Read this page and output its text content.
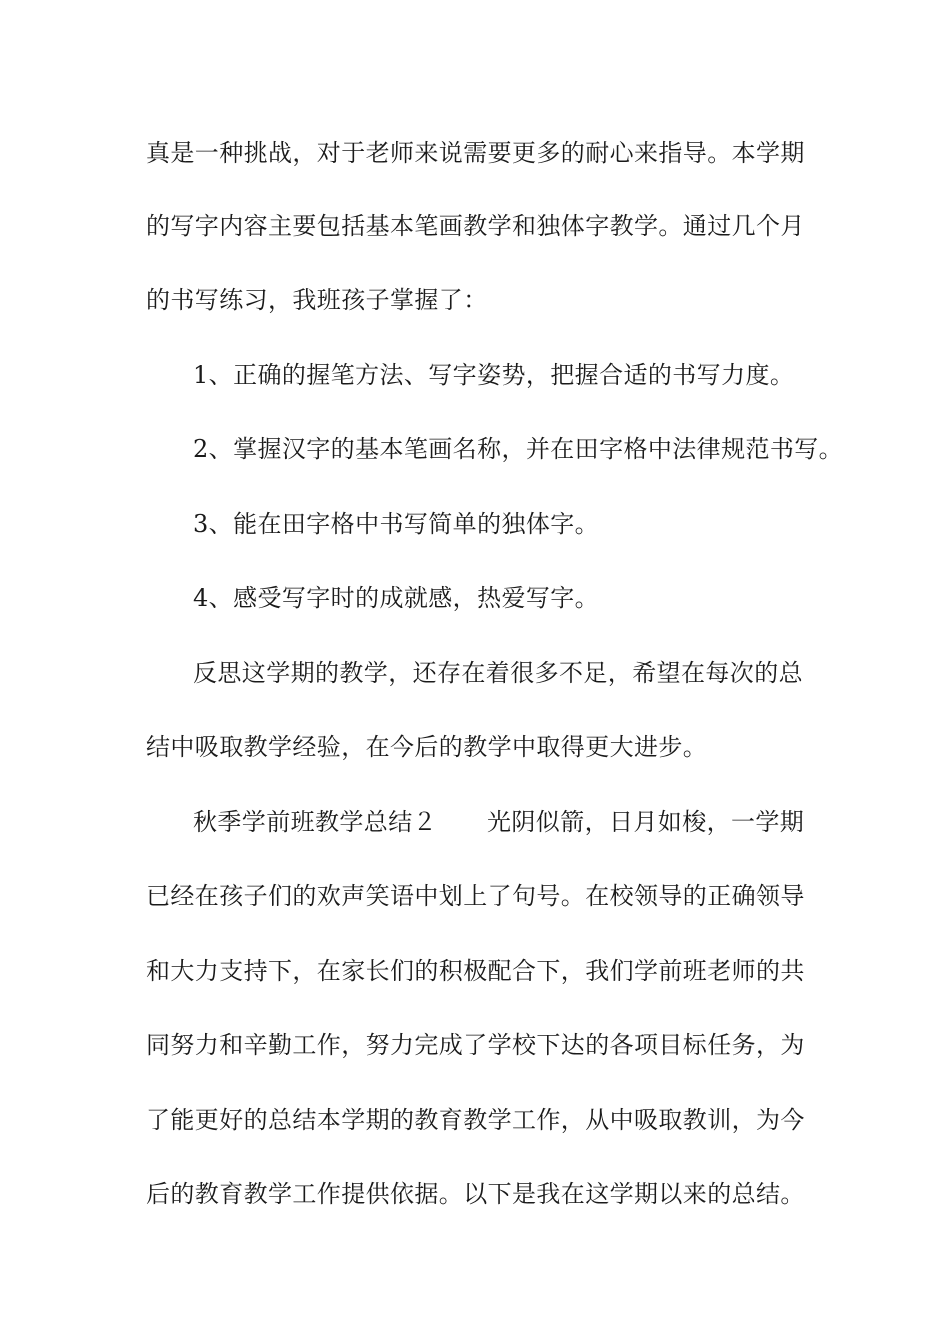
真是一种挑战，对于老师来说需要更多的耐心来指导。本学期
的写字内容主要包括基本笔画教学和独体字教学。通过几个月
的书写练习，我班孩子掌握了：
1、正确的握笔方法、写字姿势，把握合适的书写力度。
2、掌握汉字的基本笔画名称，并在田字格中法律规范书写。
3、能在田字格中书写简单的独体字。
4、感受写字时的成就感，热爱写字。
反思这学期的教学，还存在着很多不足，希望在每次的总
结中吸取教学经验，在今后的教学中取得更大进步。
秋季学前班教学总结２ 光阴似箭，日月如梭，一学期
已经在孩子们的欢声笑语中划上了句号。在校领导的正确领导
和大力支持下，在家长们的积极配合下，我们学前班老师的共
同努力和辛勤工作，努力完成了学校下达的各项目标任务，为
了能更好的总结本学期的教育教学工作，从中吸取教训，为今
后的教育教学工作提供依据。以下是我在这学期以来的总结。
